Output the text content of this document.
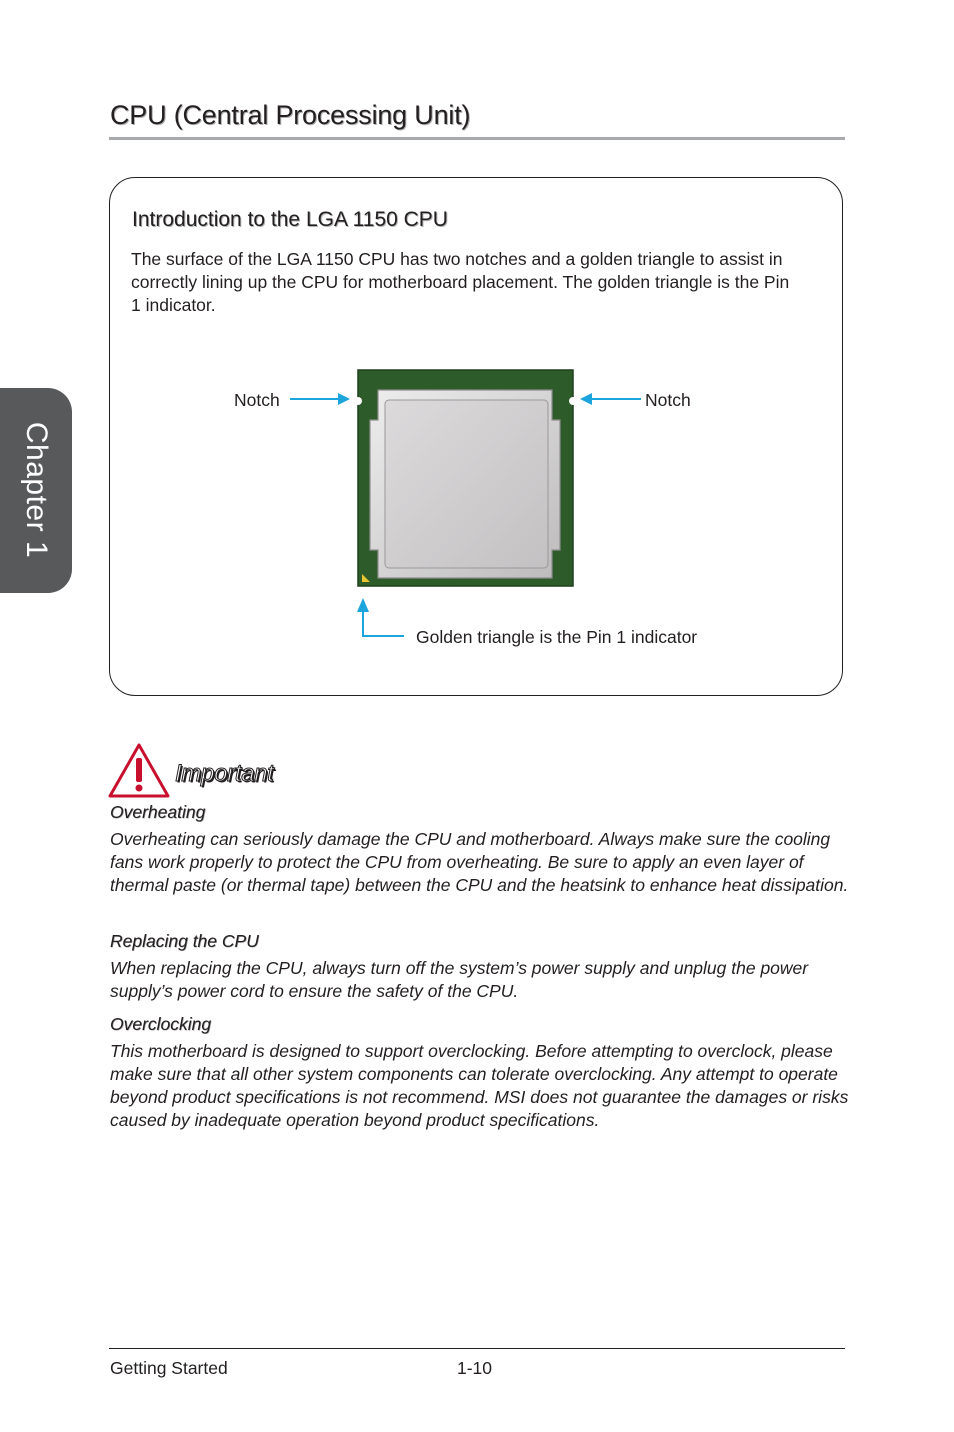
Chapter 1
CPU (Central Processing Unit)
Introduction to the LGA 1150 CPU

The surface of the LGA 1150 CPU has two notches and a golden triangle to assist in correctly lining up the CPU for motherboard placement. The golden triangle is the Pin 1 indicator.

Notch	Notch
Golden triangle is the Pin 1 indicator
Important

Overheating

Overheating can seriously damage the CPU and motherboard. Always make sure the cooling fans work properly to protect the CPU from overheating. Be sure to apply an even layer of thermal paste (or thermal tape) between the CPU and the heatsink to enhance heat dissipation.

Replacing the CPU

When replacing the CPU, always turn off the system’s power supply and unplug the power supply’s power cord to ensure the safety of the CPU.

Overclocking

This motherboard is designed to support overclocking. Before attempting to overclock, please make sure that all other system components can tolerate overclocking. Any attempt to operate beyond product specifications is not recommend. MSI does not guarantee the damages or risks caused by inadequate operation beyond product specifications.

Getting Started	1-10
